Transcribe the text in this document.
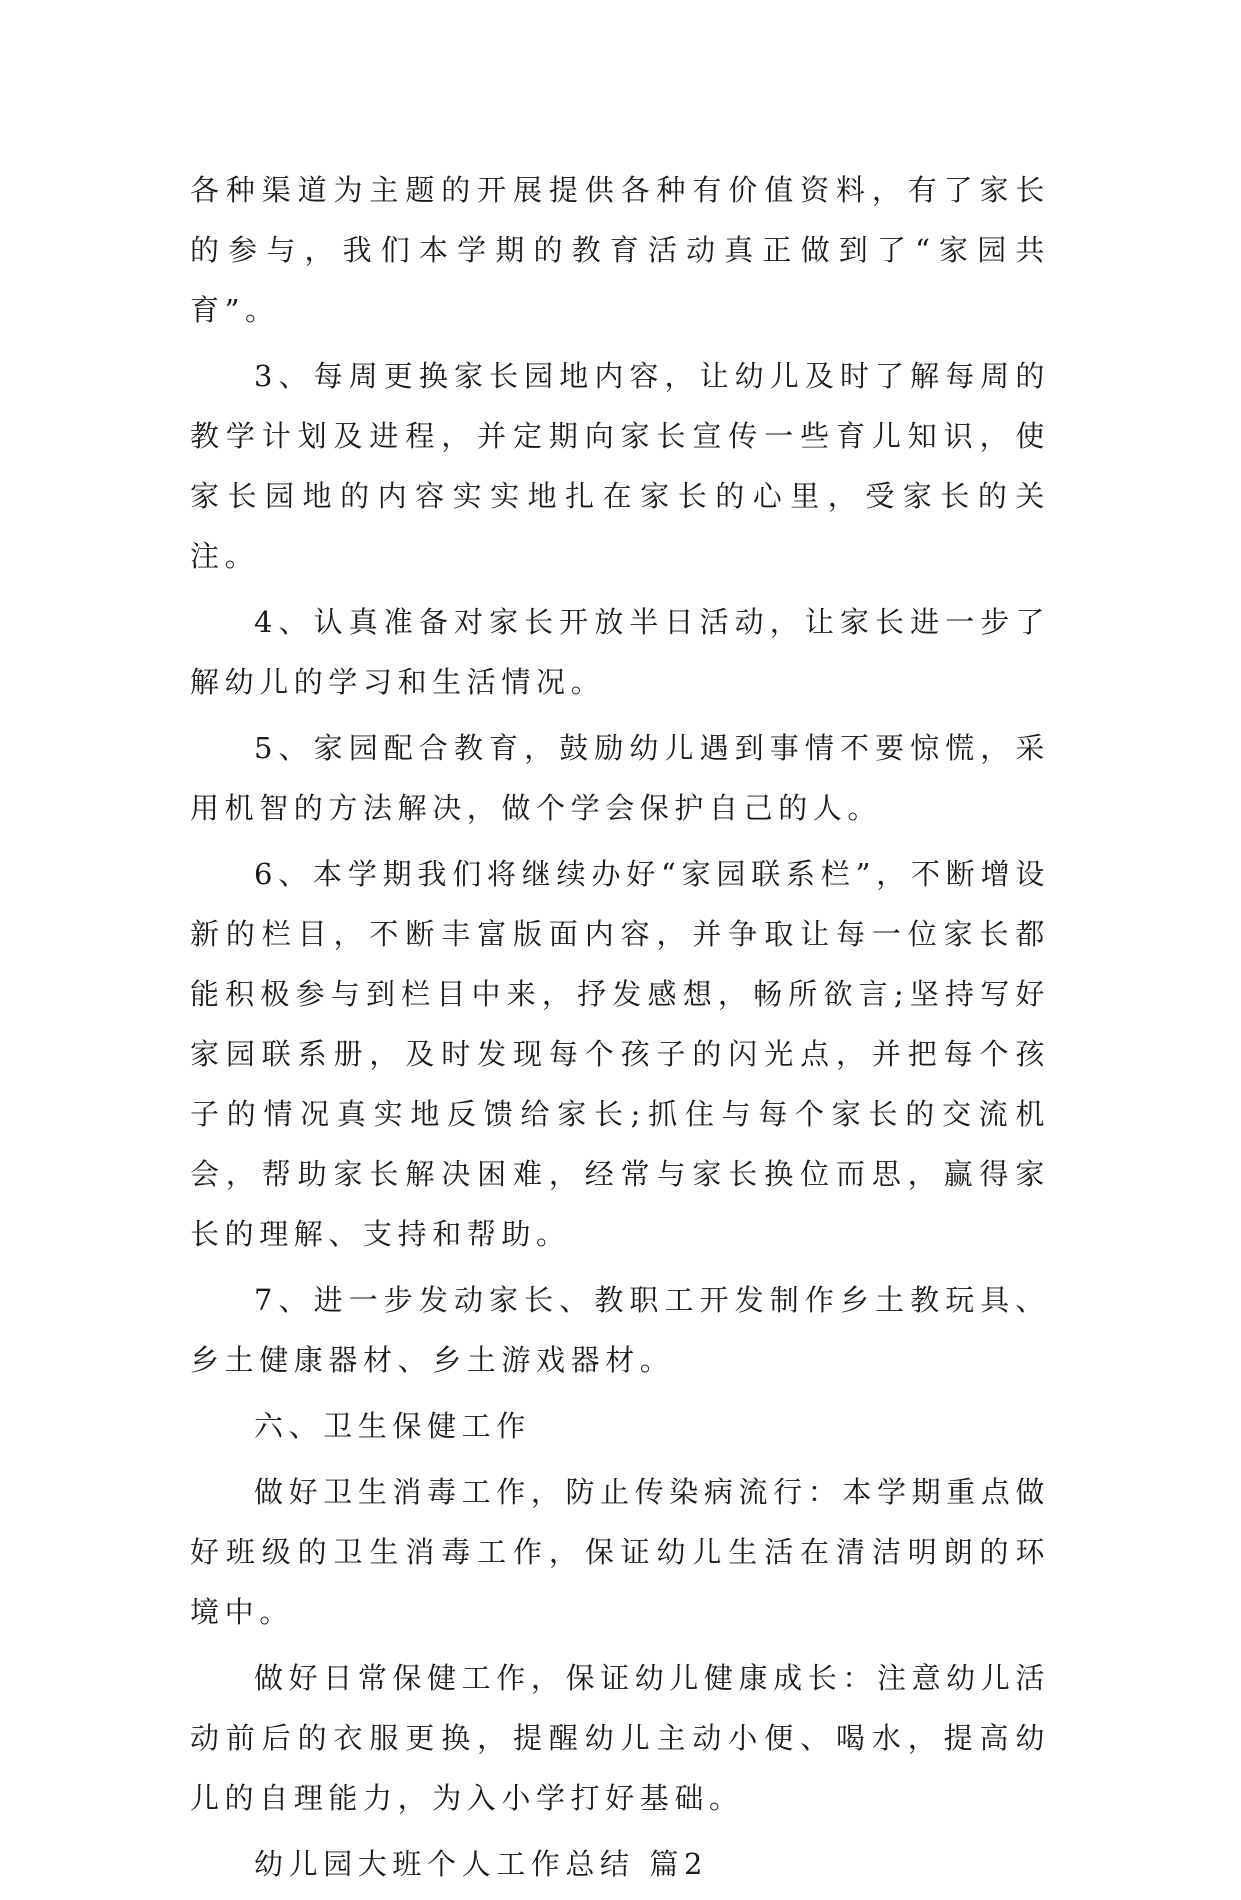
各种渠道为主题的开展提供各种有价值资料，有了家长的参与，我们本学期的教育活动真正做到了“家园共育”。

3、每周更换家长园地内容，让幼儿及时了解每周的教学计划及进程，并定期向家长宣传一些育儿知识，使家长园地的内容实实地扎在家长的心里，受家长的关注。

4、认真准备对家长开放半日活动，让家长进一步了解幼儿的学习和生活情况。

5、家园配合教育，鼓励幼儿遇到事情不要惊慌，采用机智的方法解决，做个学会保护自己的人。

6、本学期我们将继续办好“家园联系栏”，不断增设新的栏目，不断丰富版面内容，并争取让每一位家长都能积极参与到栏目中来，抒发感想，畅所欲言;坚持写好家园联系册，及时发现每个孩子的闪光点，并把每个孩子的情况真实地反馈给家长;抓住与每个家长的交流机会，帮助家长解决困难，经常与家长换位而思，赢得家长的理解、支持和帮助。

7、进一步发动家长、教职工开发制作乡土教玩具、乡土健康器材、乡土游戏器材。

六、卫生保健工作

做好卫生消毒工作，防止传染病流行：本学期重点做好班级的卫生消毒工作，保证幼儿生活在清洁明朗的环境中。

做好日常保健工作，保证幼儿健康成长：注意幼儿活动前后的衣服更换，提醒幼儿主动小便、喝水，提高幼儿的自理能力，为入小学打好基础。

幼儿园大班个人工作总结 篇2
